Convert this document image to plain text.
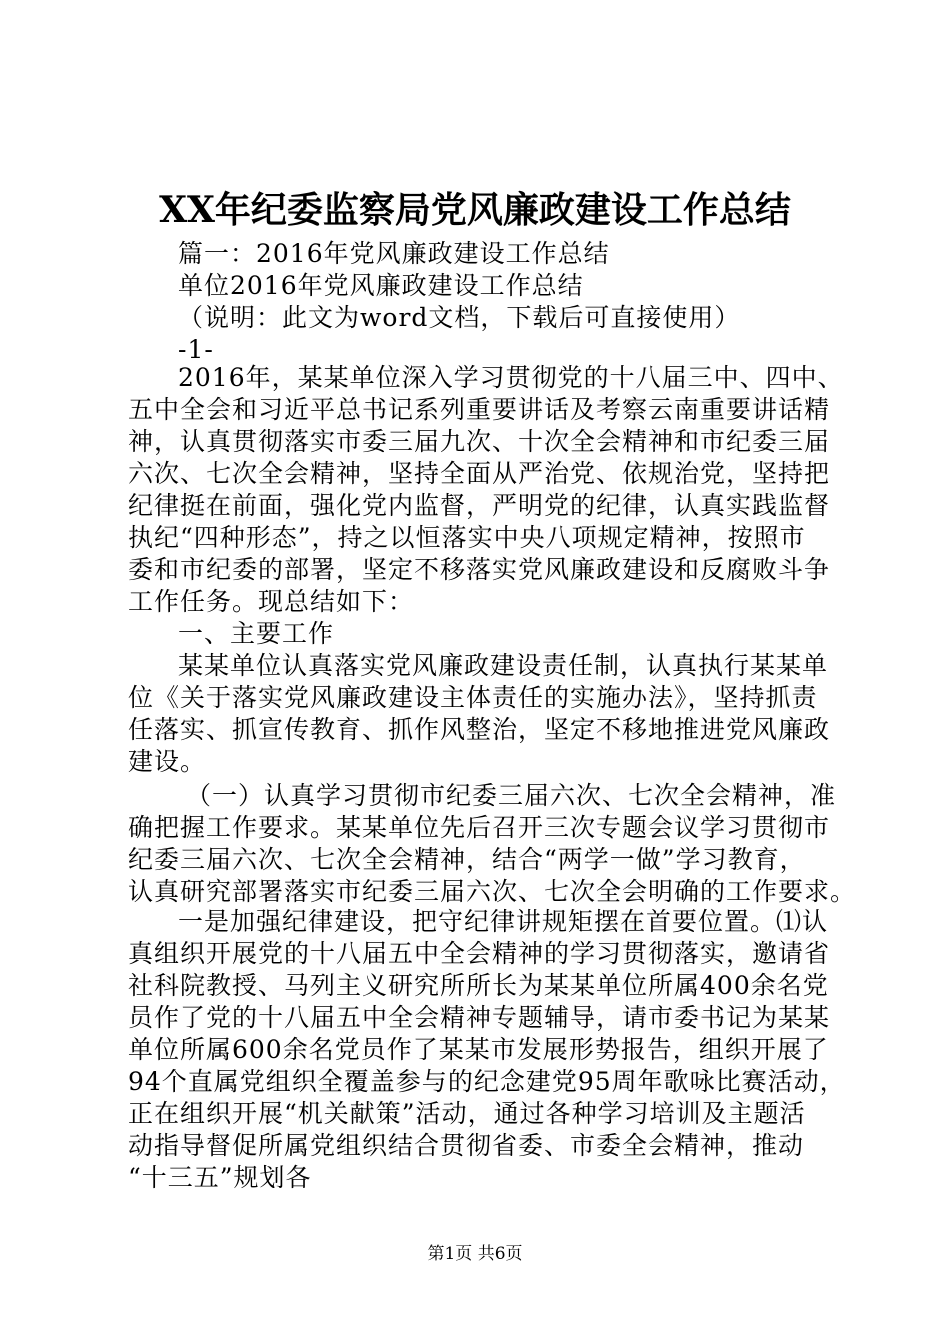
XX年纪委监察局党风廉政建设工作总结
篇一：2016年党风廉政建设工作总结
单位2016年党风廉政建设工作总结
（说明：此文为word文档，下载后可直接使用）
-1-
2016年，某某单位深入学习贯彻党的十八届三中、四中、
五中全会和习近平总书记系列重要讲话及考察云南重要讲话精
神，认真贯彻落实市委三届九次、十次全会精神和市纪委三届
六次、七次全会精神，坚持全面从严治党、依规治党，坚持把
纪律挺在前面，强化党内监督，严明党的纪律，认真实践监督
执纪“四种形态”，持之以恒落实中央八项规定精神，按照市
委和市纪委的部署，坚定不移落实党风廉政建设和反腐败斗争
工作任务。现总结如下：
一、主要工作
某某单位认真落实党风廉政建设责任制，认真执行某某单
位《关于落实党风廉政建设主体责任的实施办法》，坚持抓责
任落实、抓宣传教育、抓作风整治，坚定不移地推进党风廉政
建设。
（一）认真学习贯彻市纪委三届六次、七次全会精神，准
确把握工作要求。某某单位先后召开三次专题会议学习贯彻市
纪委三届六次、七次全会精神，结合“两学一做”学习教育，
认真研究部署落实市纪委三届六次、七次全会明确的工作要求。
一是加强纪律建设，把守纪律讲规矩摆在首要位置。⑴认
真组织开展党的十八届五中全会精神的学习贯彻落实，邀请省
社科院教授、马列主义研究所所长为某某单位所属400余名党
员作了党的十八届五中全会精神专题辅导，请市委书记为某某
单位所属600余名党员作了某某市发展形势报告，组织开展了
94个直属党组织全覆盖参与的纪念建党95周年歌咏比赛活动，
正在组织开展“机关献策”活动，通过各种学习培训及主题活
动指导督促所属党组织结合贯彻省委、市委全会精神，推动
“十三五”规划各
第1页 共6页
